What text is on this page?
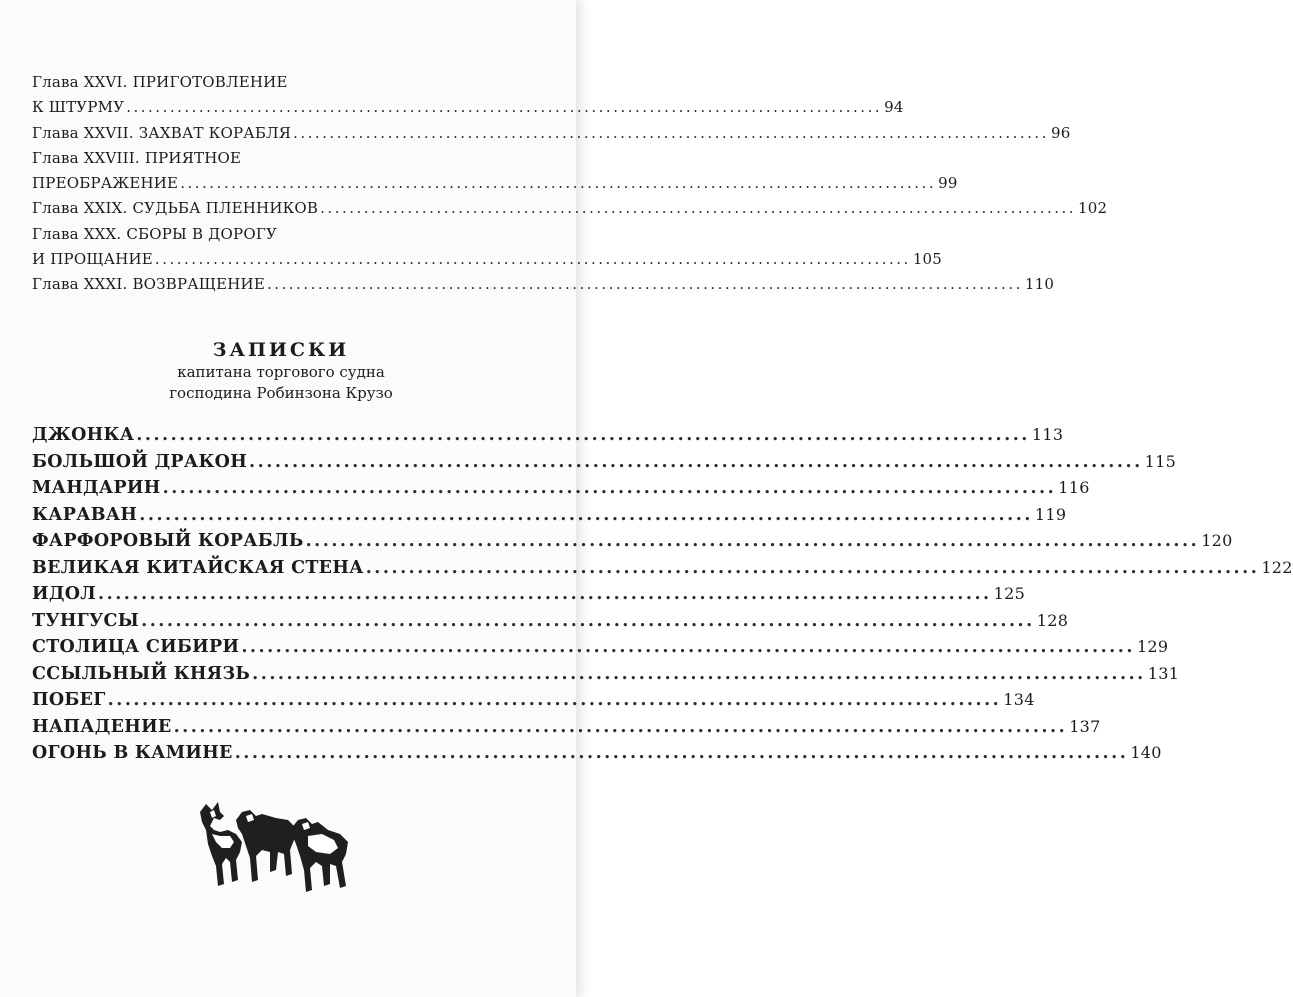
Глава XXVI. ПРИГОТОВЛЕНИЕ
К ШТУРМУ ........................................................................................................ 94
Глава XXVII. ЗАХВАТ КОРАБЛЯ ........................................................................................................ 96
Глава XXVIII. ПРИЯТНОЕ
ПРЕОБРАЖЕНИЕ ........................................................................................................ 99
Глава XXIX. СУДЬБА ПЛЕННИКОВ ........................................................................................................ 102
Глава XXX. СБОРЫ В ДОРОГУ
И ПРОЩАНИЕ ........................................................................................................ 105
Глава XXXI. ВОЗВРАЩЕНИЕ ........................................................................................................ 110
ЗАПИСКИ
капитана торгового судна
господина Робинзона Крузо
ДЖОНКА ........................................................................................................ 113
БОЛЬШОЙ ДРАКОН ........................................................................................................ 115
МАНДАРИН ........................................................................................................ 116
КАРАВАН ........................................................................................................ 119
ФАРФОРОВЫЙ КОРАБЛЬ ........................................................................................................ 120
ВЕЛИКАЯ КИТАЙСКАЯ СТЕНА ........................................................................................................ 122
ИДОЛ ........................................................................................................ 125
ТУНГУСЫ ........................................................................................................ 128
СТОЛИЦА СИБИРИ ........................................................................................................ 129
ССЫЛЬНЫЙ КНЯЗЬ ........................................................................................................ 131
ПОБЕГ ........................................................................................................ 134
НАПАДЕНИЕ ........................................................................................................ 137
ОГОНЬ В КАМИНЕ ........................................................................................................ 140
